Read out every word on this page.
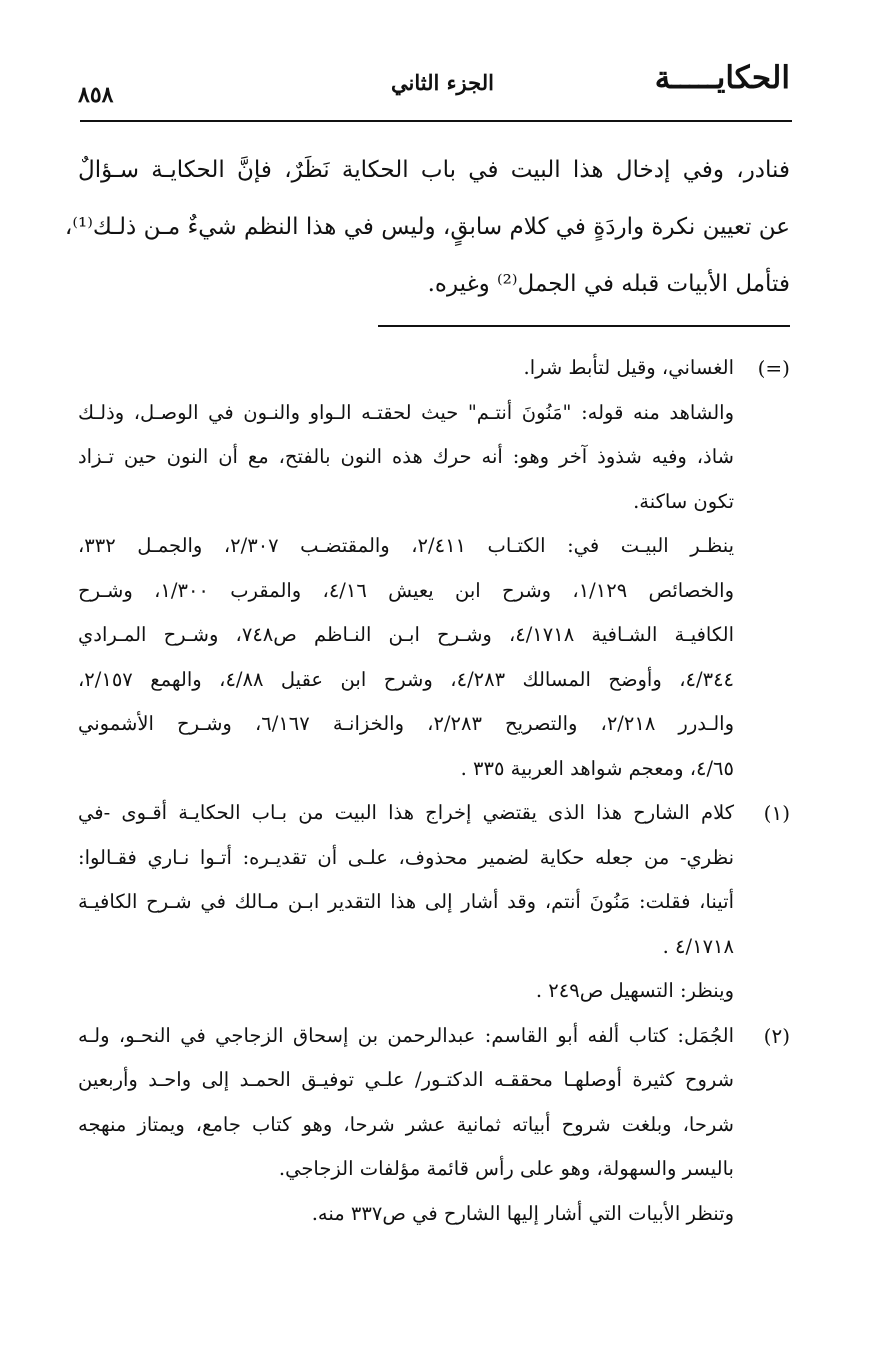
الحكايـــــة
الجزء الثاني
٨٥٨
فنادر، وفي إدخال هذا البيت في باب الحكاية نَظَرٌ، فإنَّ الحكايـة سـؤالٌ
عن تعيين نكرة واردَةٍ في كلام سابقٍ، وليس في هذا النظم شيءٌ مـن ذلـك⁽¹⁾،
فتأمل الأبيات قبله في الجمل⁽²⁾ وغيره.
(=)
الغساني، وقيل لتأبط شرا.
والشاهد منه قوله: "مَنُونَ أنتـم" حيث لحقتـه الـواو والنـون في الوصـل، وذلـك
شاذ، وفيه شذوذ آخر وهو: أنه حرك هذه النون بالفتح، مع أن النون حين تـزاد
تكون ساكنة.
ينظـر البيـت في: الكتـاب ٢/٤١١، والمقتضـب ٢/٣٠٧، والجمـل ٣٣٢،
والخصائص ١/١٢٩، وشرح ابن يعيش ٤/١٦، والمقرب ١/٣٠٠، وشـرح
الكافيـة الشـافية ٤/١٧١٨، وشـرح ابـن النـاظم ص٧٤٨، وشـرح المـرادي
٤/٣٤٤، وأوضح المسالك ٤/٢٨٣، وشرح ابن عقيل ٤/٨٨، والهمع ٢/١٥٧،
والـدرر ٢/٢١٨، والتصريح ٢/٢٨٣، والخزانـة ٦/١٦٧، وشـرح الأشموني
٤/٦٥، ومعجم شواهد العربية ٣٣٥ .
(١)
كلام الشارح هذا الذى يقتضي إخراج هذا البيت من بـاب الحكايـة أقـوى -في
نظري- من جعله حكاية لضمير محذوف، علـى أن تقديـره: أتـوا نـاري فقـالوا:
أتينا، فقلت: مَنُونَ أنتم، وقد أشار إلى هذا التقدير ابـن مـالك في شـرح الكافيـة
٤/١٧١٨ .
وينظر: التسهيل ص٢٤٩ .
(٢)
الجُمَل: كتاب ألفه أبو القاسم: عبدالرحمن بن إسحاق الزجاجي في النحـو، ولـه
شروح كثيرة أوصلهـا محققـه الدكتـور/ علـي توفيـق الحمـد إلى واحـد وأربعين
شرحا، وبلغت شروح أبياته ثمانية عشر شرحا، وهو كتاب جامع، ويمتاز منهجه
باليسر والسهولة، وهو على رأس قائمة مؤلفات الزجاجي.
وتنظر الأبيات التي أشار إليها الشارح في ص٣٣٧ منه.
